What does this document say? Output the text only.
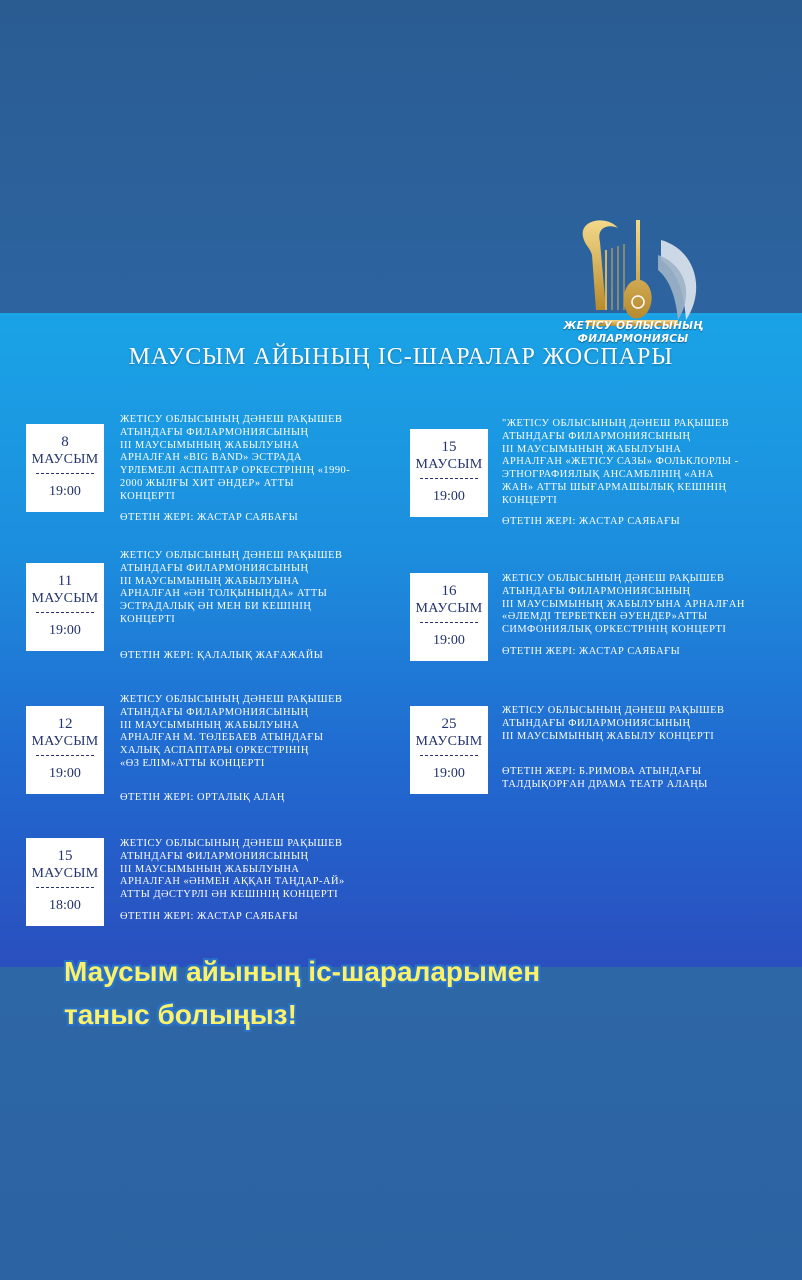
ЖЕТІСУ ОБЛЫСЫНЫҢ
ФИЛАРМОНИЯСЫ
МАУСЫМ АЙЫНЫҢ ІС-ШАРАЛАР ЖОСПАРЫ
8
МАУСЫМ
19:00
ЖЕТІСУ ОБЛЫСЫНЫҢ ДӘНЕШ РАҚЫШЕВ
АТЫНДАҒЫ ФИЛАРМОНИЯСЫНЫҢ
III МАУСЫМЫНЫҢ ЖАБЫЛУЫНА
АРНАЛҒАН «BIG BAND» ЭСТРАДА
ҮРЛЕМЕЛІ АСПАПТАР ОРКЕСТРІНІҢ «1990-
2000 ЖЫЛҒЫ ХИТ ӘНДЕР» АТТЫ
КОНЦЕРТІ
ӨТЕТІН ЖЕРІ: ЖАСТАР САЯБАҒЫ
11
МАУСЫМ
19:00
ЖЕТІСУ ОБЛЫСЫНЫҢ ДӘНЕШ РАҚЫШЕВ
АТЫНДАҒЫ ФИЛАРМОНИЯСЫНЫҢ
III МАУСЫМЫНЫҢ ЖАБЫЛУЫНА
АРНАЛҒАН «ӘН ТОЛҚЫНЫНДА» АТТЫ
ЭСТРАДАЛЫҚ ӘН МЕН БИ КЕШІНІҢ
КОНЦЕРТІ
ӨТЕТІН ЖЕРІ: ҚАЛАЛЫҚ ЖАҒАЖАЙЫ
12
МАУСЫМ
19:00
ЖЕТІСУ ОБЛЫСЫНЫҢ ДӘНЕШ РАҚЫШЕВ
АТЫНДАҒЫ ФИЛАРМОНИЯСЫНЫҢ
III МАУСЫМЫНЫҢ ЖАБЫЛУЫНА
АРНАЛҒАН М. ТӨЛЕБАЕВ АТЫНДАҒЫ
ХАЛЫҚ АСПАПТАРЫ ОРКЕСТРІНІҢ
«ӨЗ ЕЛІМ»АТТЫ КОНЦЕРТІ
ӨТЕТІН ЖЕРІ: ОРТАЛЫҚ АЛАҢ
15
МАУСЫМ
18:00
ЖЕТІСУ ОБЛЫСЫНЫҢ ДӘНЕШ РАҚЫШЕВ
АТЫНДАҒЫ ФИЛАРМОНИЯСЫНЫҢ
III МАУСЫМЫНЫҢ ЖАБЫЛУЫНА
АРНАЛҒАН «ӘНМЕН АҚҚАН ТАҢДАР-АЙ»
АТТЫ ДӘСТҮРЛІ ӘН КЕШІНІҢ КОНЦЕРТІ
ӨТЕТІН ЖЕРІ: ЖАСТАР САЯБАҒЫ
15
МАУСЫМ
19:00
"ЖЕТІСУ ОБЛЫСЫНЫҢ ДӘНЕШ РАҚЫШЕВ
АТЫНДАҒЫ ФИЛАРМОНИЯСЫНЫҢ
III МАУСЫМЫНЫҢ ЖАБЫЛУЫНА
АРНАЛҒАН «ЖЕТІСУ САЗЫ» ФОЛЬКЛОРЛЫ -
ЭТНОГРАФИЯЛЫҚ АНСАМБЛІНІҢ «АНА
ЖАН» АТТЫ ШЫҒАРМАШЫЛЫҚ КЕШІНІҢ
КОНЦЕРТІ
ӨТЕТІН ЖЕРІ: ЖАСТАР САЯБАҒЫ
16
МАУСЫМ
19:00
ЖЕТІСУ ОБЛЫСЫНЫҢ ДӘНЕШ РАҚЫШЕВ
АТЫНДАҒЫ ФИЛАРМОНИЯСЫНЫҢ
III МАУСЫМЫНЫҢ ЖАБЫЛУЫНА АРНАЛҒАН
«ӘЛЕМДІ ТЕРБЕТКЕН ӘУЕНДЕР»АТТЫ
СИМФОНИЯЛЫҚ ОРКЕСТРІНІҢ КОНЦЕРТІ
ӨТЕТІН ЖЕРІ: ЖАСТАР САЯБАҒЫ
25
МАУСЫМ
19:00
ЖЕТІСУ ОБЛЫСЫНЫҢ ДӘНЕШ РАҚЫШЕВ
АТЫНДАҒЫ ФИЛАРМОНИЯСЫНЫҢ
III МАУСЫМЫНЫҢ ЖАБЫЛУ КОНЦЕРТІ
ӨТЕТІН ЖЕРІ: Б.РИМОВА АТЫНДАҒЫ
ТАЛДЫҚОРҒАН ДРАМА ТЕАТР АЛАҢЫ
Маусым айының іс-шараларымен
таныс болыңыз!
